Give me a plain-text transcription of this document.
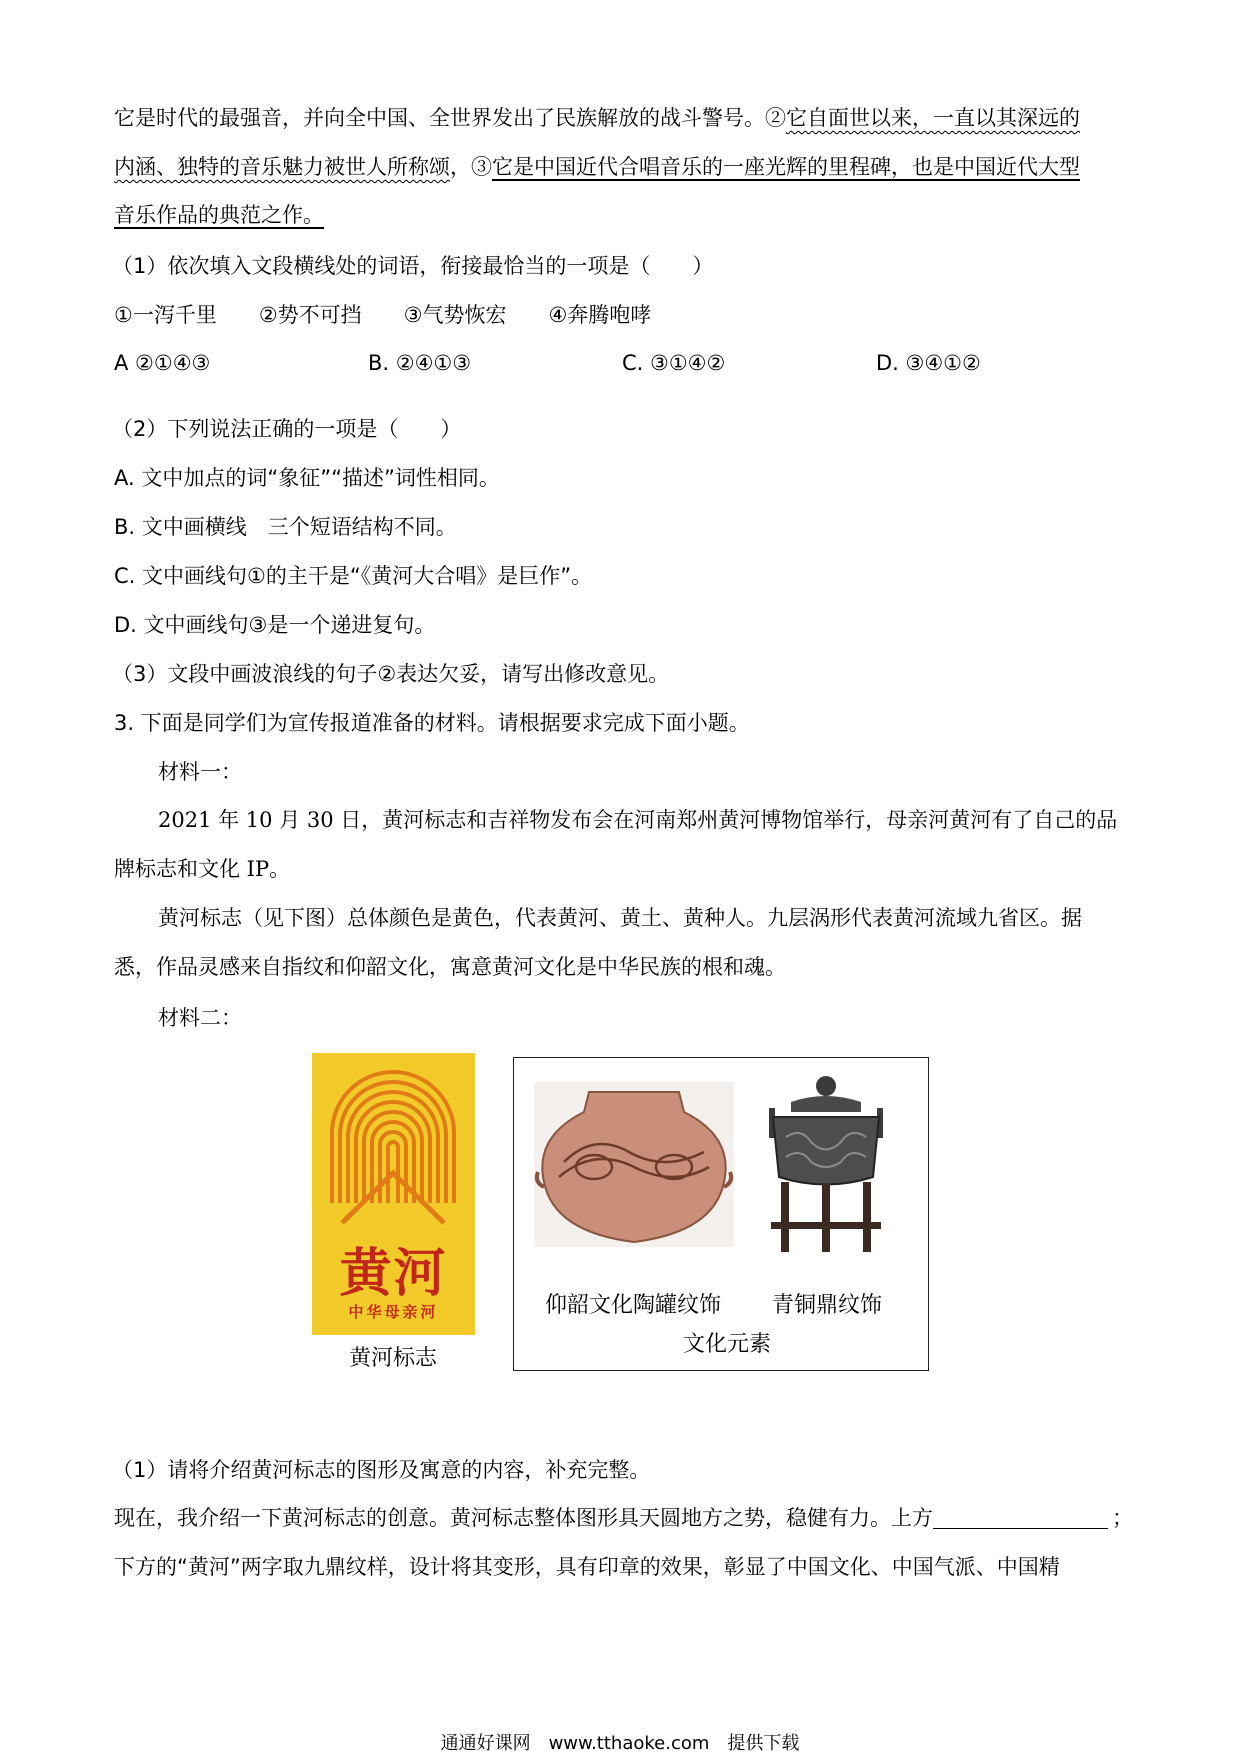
它是时代的最强音，并向全中国、全世界发出了民族解放的战斗警号。②它自面世以来，一直以其深远的
内涵、独特的音乐魅力被世人所称颂，③它是中国近代合唱音乐的一座光辉的里程碑，也是中国近代大型
音乐作品的典范之作。
（1）依次填入文段横线处的词语，衔接最恰当的一项是（　　）
①一泻千里　　②势不可挡　　③气势恢宏　　④奔腾咆哮
A ②①④③	B. ②④①③	C. ③①④②	D. ③④①②
（2）下列说法正确的一项是（　　）
A. 文中加点的词“象征”“描述”词性相同。
B. 文中画横线　三个短语结构不同。
C. 文中画线句①的主干是“《黄河大合唱》是巨作”。
D. 文中画线句③是一个递进复句。
（3）文段中画波浪线的句子②表达欠妥，请写出修改意见。
3. 下面是同学们为宣传报道准备的材料。请根据要求完成下面小题。
材料一：
2021 年 10 月 30 日，黄河标志和吉祥物发布会在河南郑州黄河博物馆举行，母亲河黄河有了自己的品
牌标志和文化 IP。
黄河标志（见下图）总体颜色是黄色，代表黄河、黄土、黄种人。九层涡形代表黄河流域九省区。据
悉，作品灵感来自指纹和仰韶文化，寓意黄河文化是中华民族的根和魂。
材料二：
黄河
中华母亲河
黄河标志
仰韶文化陶罐纹饰 青铜鼎纹饰
文化元素
（1）请将介绍黄河标志的图形及寓意的内容，补充完整。
现在，我介绍一下黄河标志的创意。黄河标志整体图形具天圆地方之势，稳健有力。上方	；
下方的“黄河”两字取九鼎纹样，设计将其变形，具有印章的效果，彰显了中国文化、中国气派、中国精
通通好课网　www.tthaoke.com　提供下载
